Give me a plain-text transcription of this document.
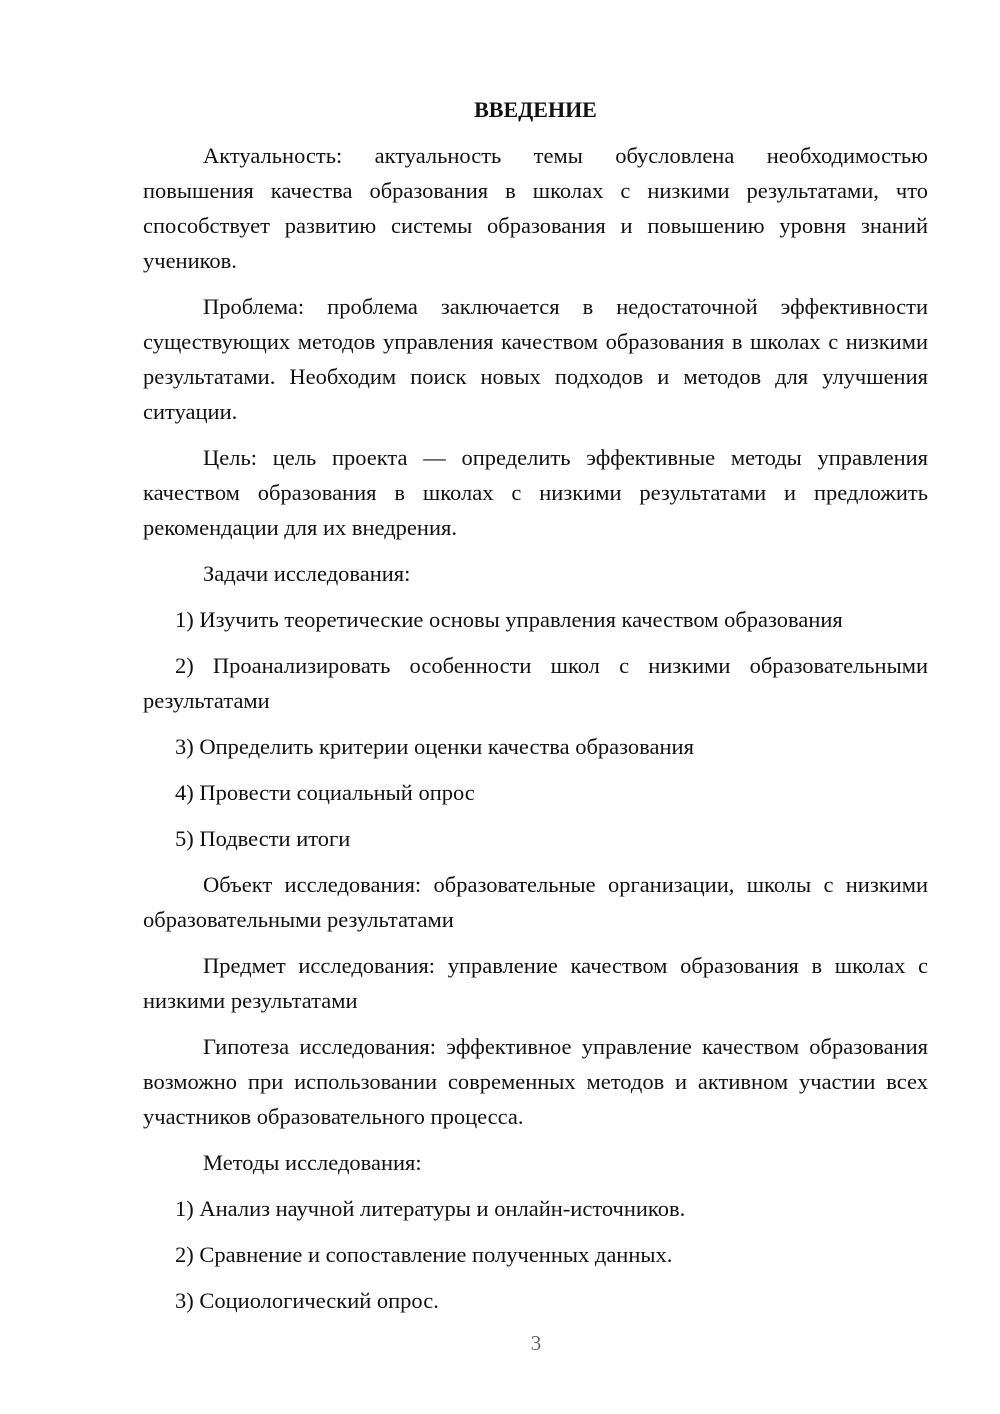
ВВЕДЕНИЕ
Актуальность: актуальность темы обусловлена необходимостью повышения качества образования в школах с низкими результатами, что способствует развитию системы образования и повышению уровня знаний учеников.
Проблема: проблема заключается в недостаточной эффективности существующих методов управления качеством образования в школах с низкими результатами. Необходим поиск новых подходов и методов для улучшения ситуации.
Цель: цель проекта — определить эффективные методы управления качеством образования в школах с низкими результатами и предложить рекомендации для их внедрения.
Задачи исследования:
1) Изучить теоретические основы управления качеством образования
2) Проанализировать особенности школ с низкими образовательными результатами
3) Определить критерии оценки качества образования
4) Провести социальный опрос
5) Подвести итоги
Объект исследования: образовательные организации, школы с низкими образовательными результатами
Предмет исследования: управление качеством образования в школах с низкими результатами
Гипотеза исследования: эффективное управление качеством образования возможно при использовании современных методов и активном участии всех участников образовательного процесса.
Методы исследования:
1) Анализ научной литературы и онлайн-источников.
2) Сравнение и сопоставление полученных данных.
3) Социологический опрос.
3
